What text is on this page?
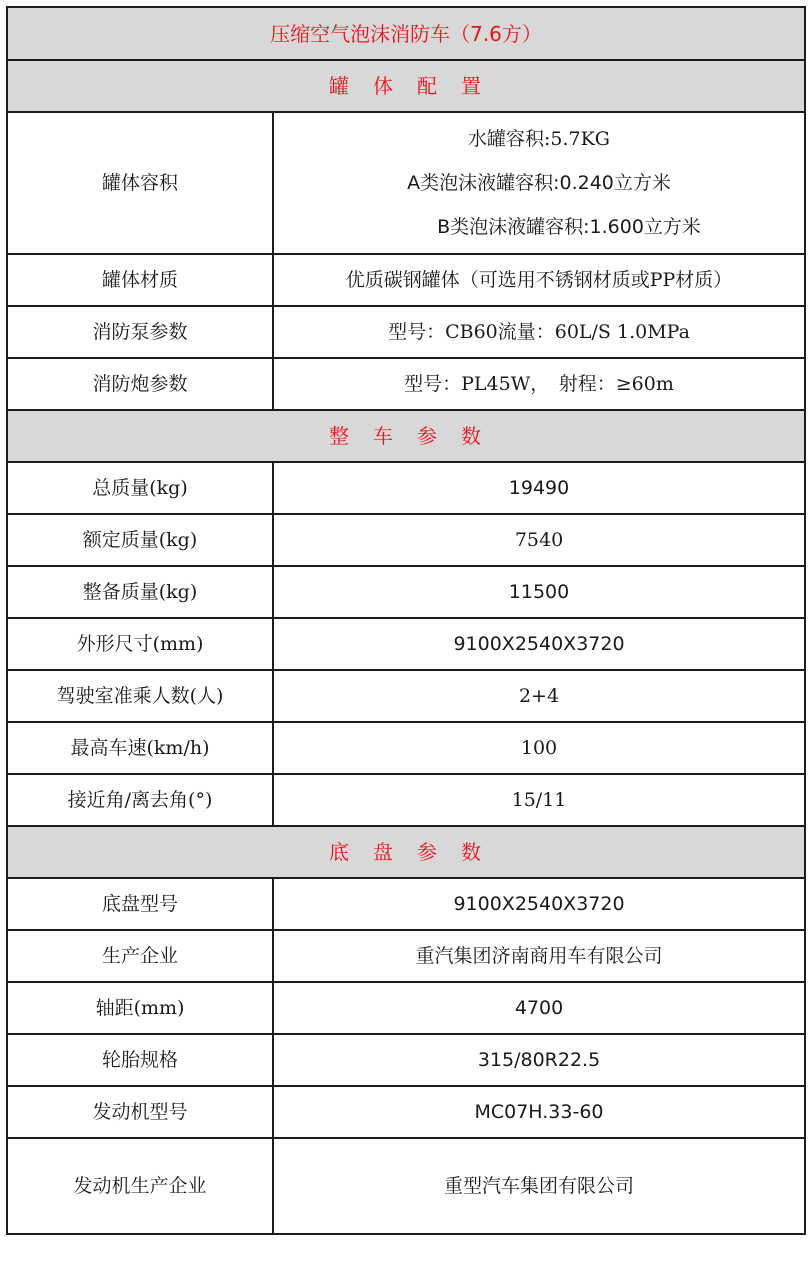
压缩空气泡沫消防车（7.6方）	
罐　体　配　置	
罐体容积	水罐容积:5.7KG
A类泡沫液罐容积:0.240立方米
B类泡沫液罐容积:1.600立方米

罐体材质	优质碳钢罐体（可选用不锈钢材质或PP材质）
消防泵参数	型号：CB60流量：60L/S 1.0MPa
消防炮参数	型号：PL45W，　射程：≥60m
整　车　参　数	
总质量(kg)	19490
额定质量(kg)	7540
整备质量(kg)	11500
外形尺寸(mm)	9100X2540X3720
驾驶室准乘人数(人)	2+4
最高车速(km/h)	100
接近角/离去角(°)	15/11
底　盘　参　数	
底盘型号	9100X2540X3720
生产企业	重汽集团济南商用车有限公司
轴距(mm)	4700
轮胎规格	315/80R22.5
发动机型号	MC07H.33-60
发动机生产企业	重型汽车集团有限公司
